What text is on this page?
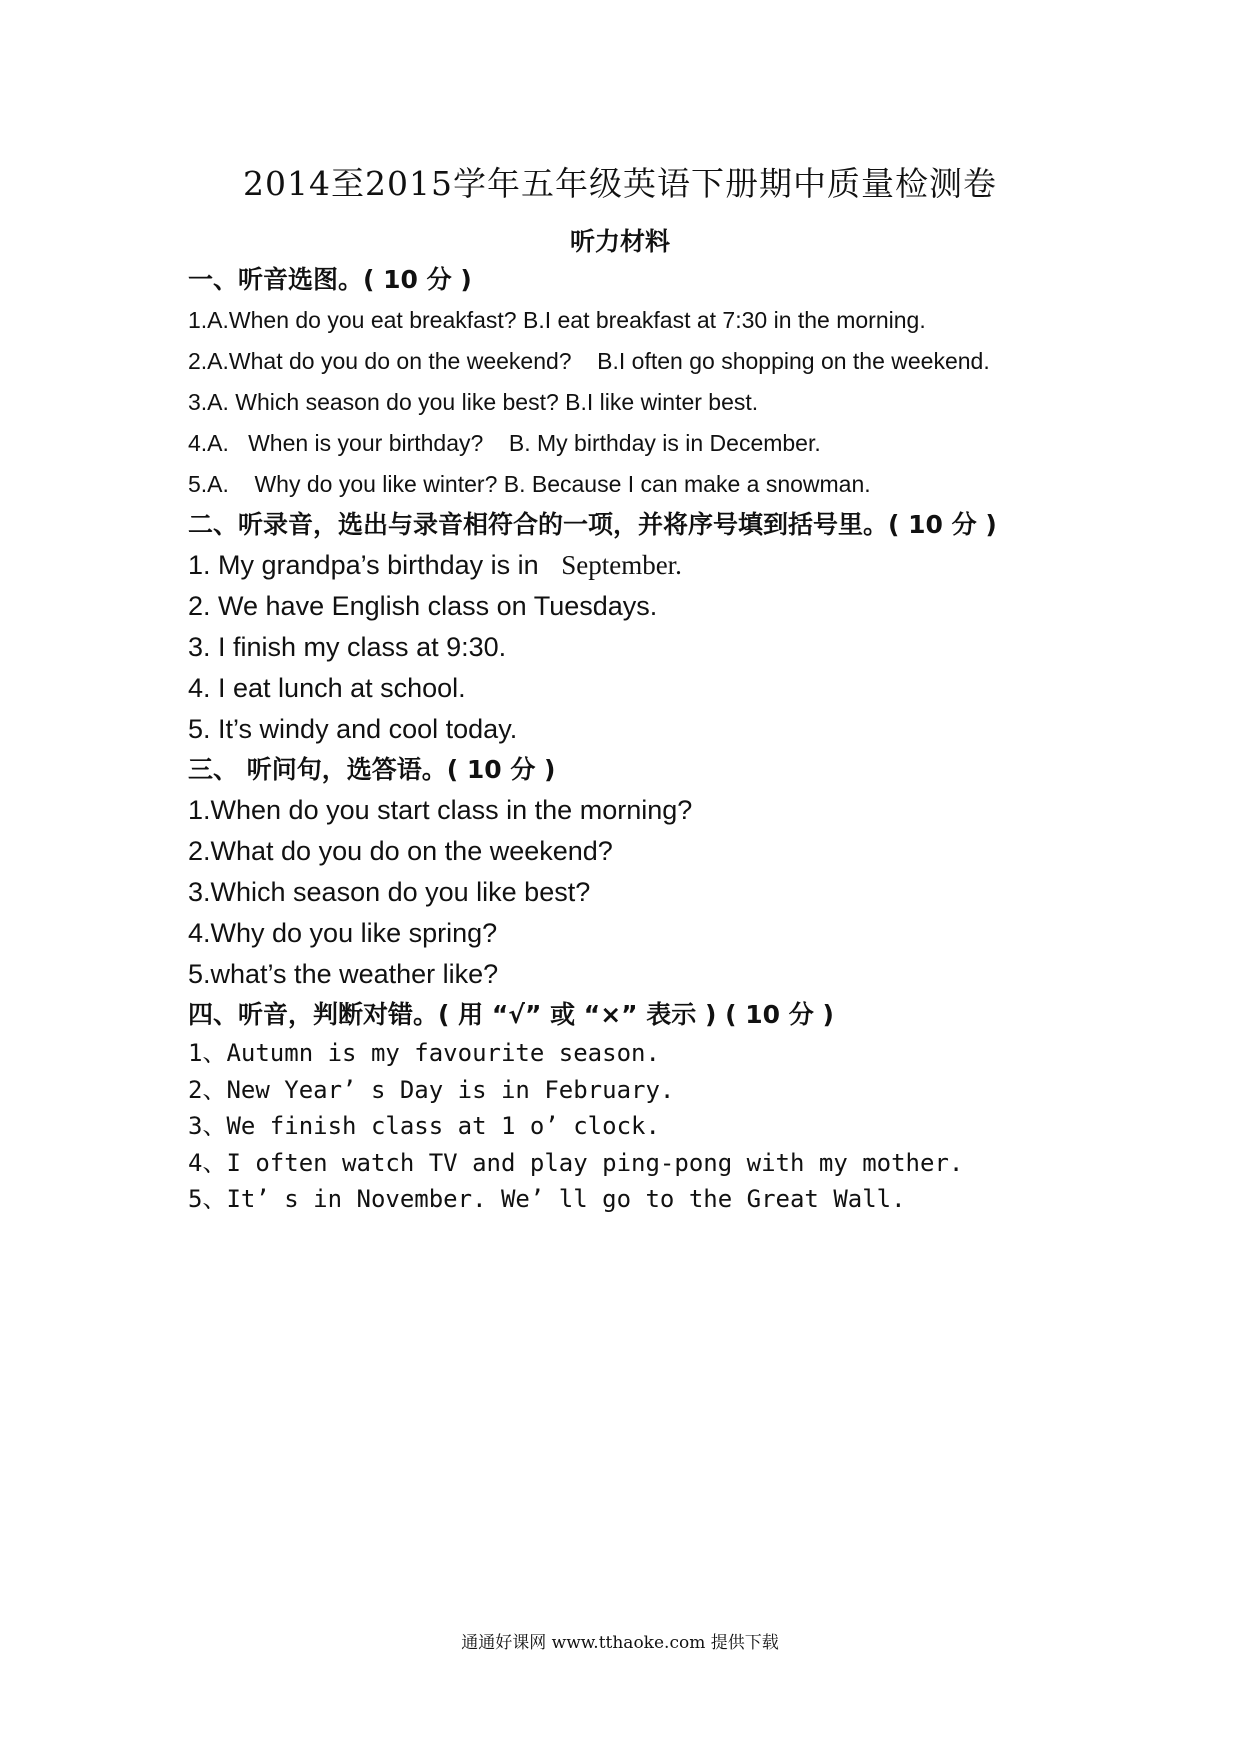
2014至2015学年五年级英语下册期中质量检测卷
听力材料
一、听音选图。( 10 分 )
1.A.When do you eat breakfast? B.I eat breakfast at 7:30 in the morning.
2.A.What do you do on the weekend?    B.I often go shopping on the weekend.
3.A. Which season do you like best? B.I like winter best.
4.A.   When is your birthday?    B. My birthday is in December.
5.A.    Why do you like winter? B. Because I can make a snowman.
二、听录音，选出与录音相符合的一项，并将序号填到括号里。( 10 分 )
1. My grandpa’s birthday is in September.
2. We have English class on Tuesdays.
3. I finish my class at 9:30.
4. I eat lunch at school.
5. It’s windy and cool today.
三、 听问句，选答语。( 10 分 )
1.When do you start class in the morning?
2.What do you do on the weekend?
3.Which season do you like best?
4.Why do you like spring?
5.what’s the weather like?
四、听音，判断对错。( 用 “√” 或 “×” 表示 ) ( 10 分 )
1、Autumn is my favourite season.
2、New Year’ s Day is in February.
3、We finish class at 1 o’ clock.
4、I often watch TV and play ping-pong with my mother.
5、It’ s in November. We’ ll go to the Great Wall.
通通好课网 www.tthaoke.com 提供下载
